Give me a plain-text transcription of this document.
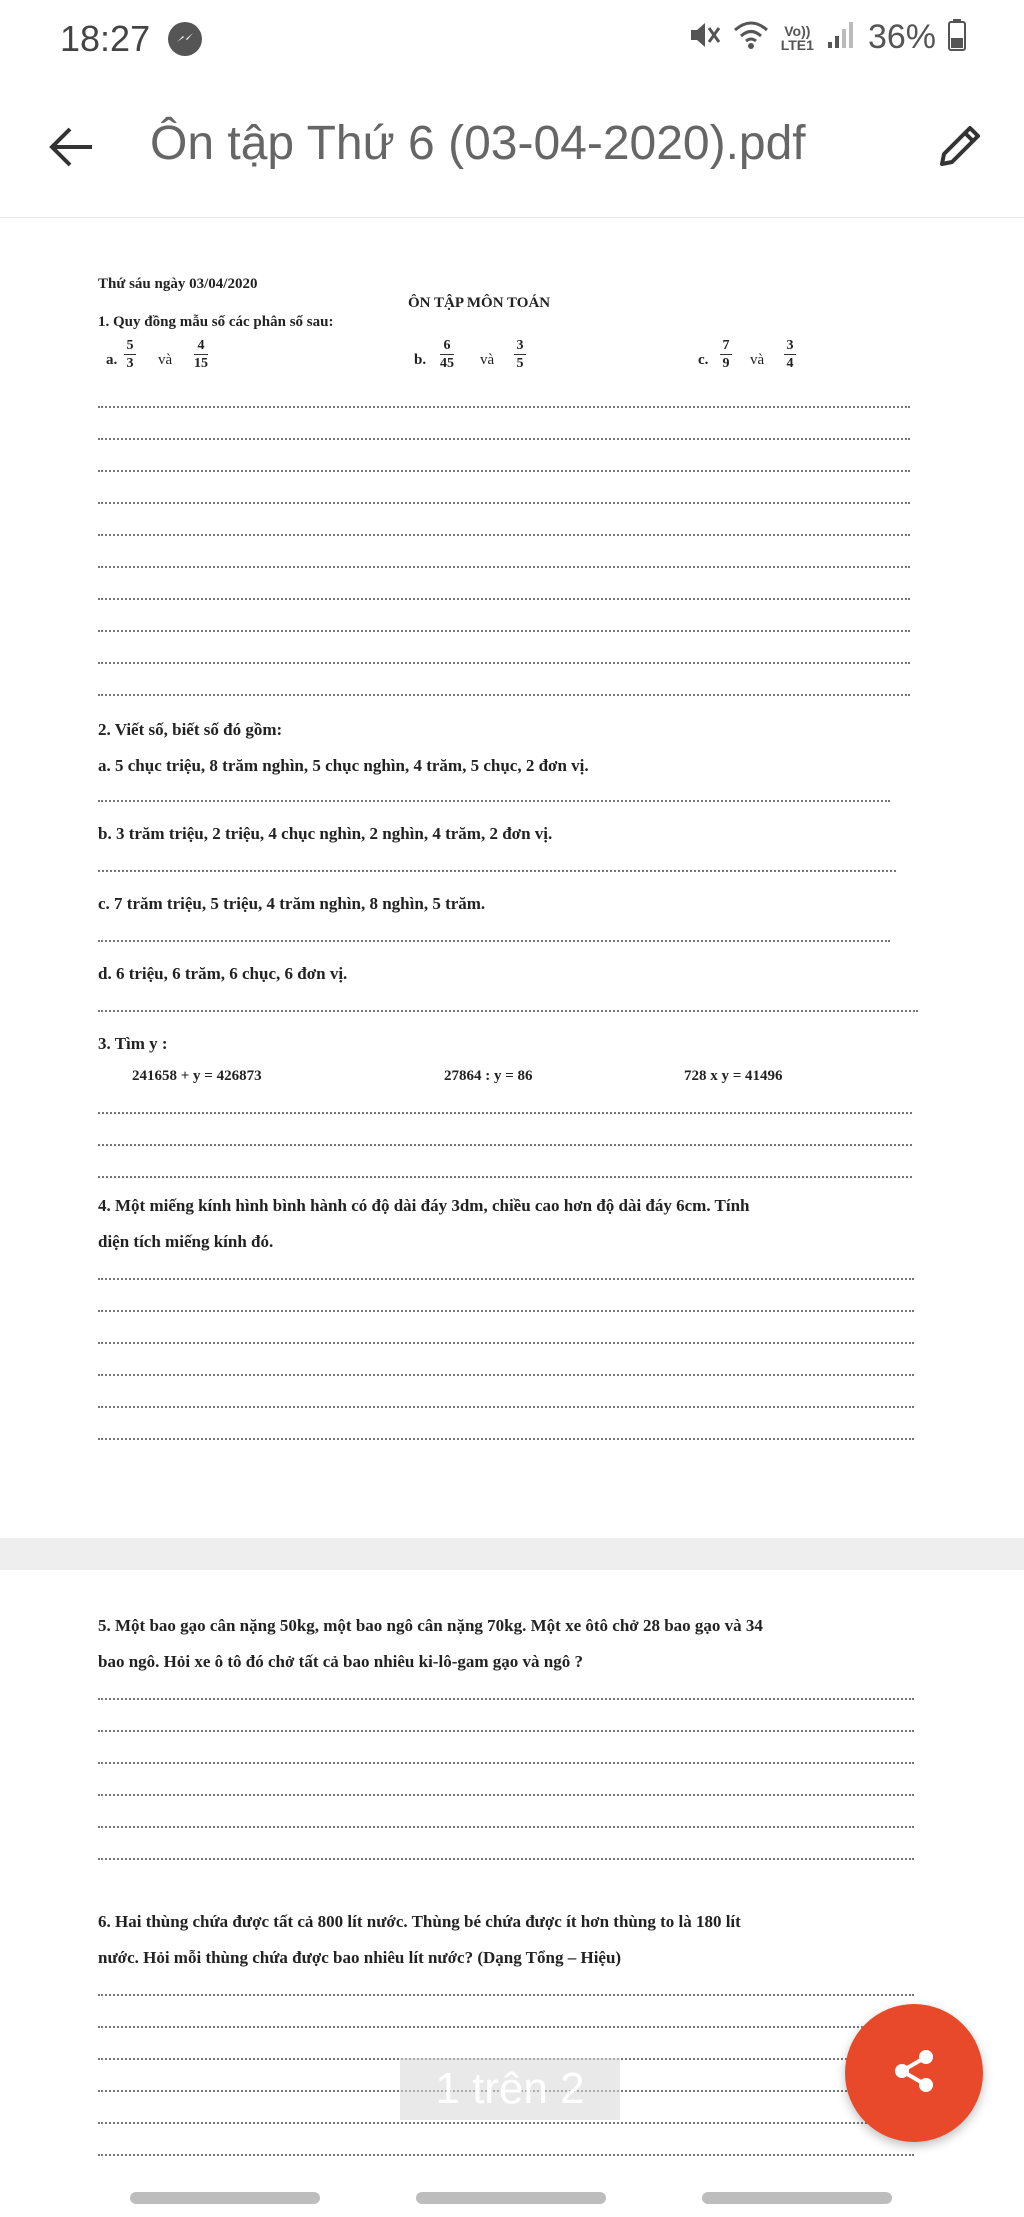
18:27	Vo))
LTE1 36%
Ôn tập Thứ 6 (03-04-2020).pdf
Thứ sáu ngày 03/04/2020
ÔN TẬP MÔN TOÁN
1. Quy đồng mẫu số các phân số sau:
a.
5
3 và
4
15	b.
6
45 và
3
5	c.
7
9 và
3
4
2. Viết số, biết số đó gồm:
a. 5 chục triệu, 8 trăm nghìn, 5 chục nghìn, 4 trăm, 5 chục, 2 đơn vị.
b. 3 trăm triệu, 2 triệu, 4 chục nghìn, 2 nghìn, 4 trăm, 2 đơn vị.
c. 7 trăm triệu, 5 triệu, 4 trăm nghìn, 8 nghìn, 5 trăm.
d. 6 triệu, 6 trăm, 6 chục, 6 đơn vị.
3. Tìm y :
241658 + y = 426873	27864 : y = 86	728 x y = 41496
4. Một miếng kính hình bình hành có độ dài đáy 3dm, chiều cao hơn độ dài đáy 6cm. Tính
diện tích miếng kính đó.
5. Một bao gạo cân nặng 50kg, một bao ngô cân nặng 70kg. Một xe ôtô chở 28 bao gạo và 34
bao ngô. Hỏi xe ô tô đó chở tất cả bao nhiêu ki-lô-gam gạo và ngô ?
6. Hai thùng chứa được tất cả 800 lít nước. Thùng bé chứa được ít hơn thùng to là 180 lít
nước. Hỏi mỗi thùng chứa được bao nhiêu lít nước? (Dạng Tổng – Hiệu)
1 trên 2
